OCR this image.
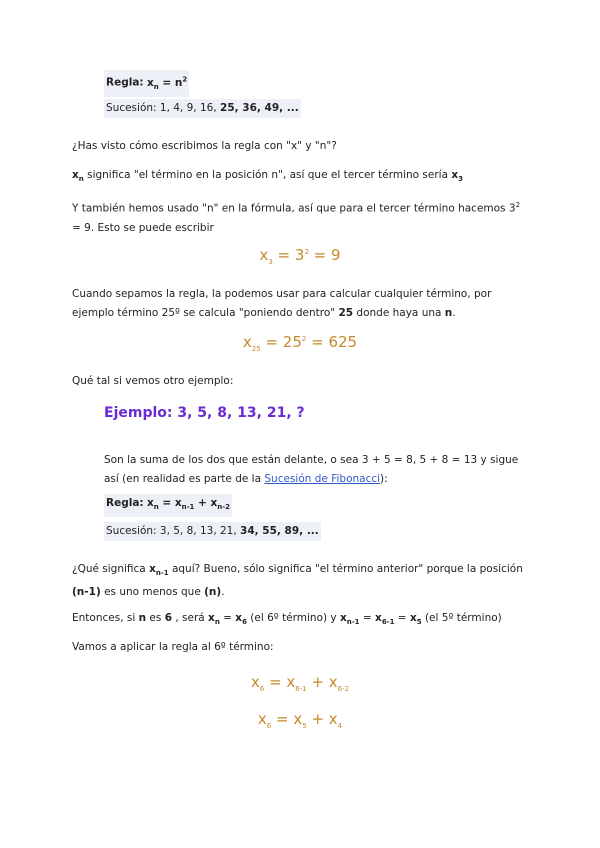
Regla: $x_n = n^2$
Sucesión: 1, 4, 9, 16, 25, 36, 49, ...

¿Has visto cómo escribimos la regla con "x" y "n"?

$x_n$ significa "el término en la posición n", así que el tercer término sería $x_3$

Y también hemos usado "n" en la fórmula, así que para el tercer término hacemos $3^2 = 9$. Esto se puede escribir

$x_3 = 3^2 = 9$

Cuando sepamos la regla, la podemos usar para calcular cualquier término, por ejemplo término 25º se calcula "poniendo dentro" 25 donde haya una n.

$x_{25} = 25^2 = 625$

Qué tal si vemos otro ejemplo:

Ejemplo: 3, 5, 8, 13, 21, ?

Son la suma de los dos que están delante, o sea 3 + 5 = 8, 5 + 8 = 13 y sigue así (en realidad es parte de la Sucesión de Fibonacci):

Regla: $x_n = x_{n-1} + x_{n-2}$
Sucesión: 3, 5, 8, 13, 21, 34, 55, 89, ...

¿Qué significa $x_{n-1}$ aquí? Bueno, sólo significa "el término anterior" porque la posición (n-1) es uno menos que (n).

Entonces, si n es 6 , será $x_n = x_6$ (el 6º término) y $x_{n-1} = x_{6-1} = x_5$ (el 5º término)

Vamos a aplicar la regla al 6º término:

$x_6 = x_{6-1} + x_{6-2}$
$x_6 = x_5 + x_4$
